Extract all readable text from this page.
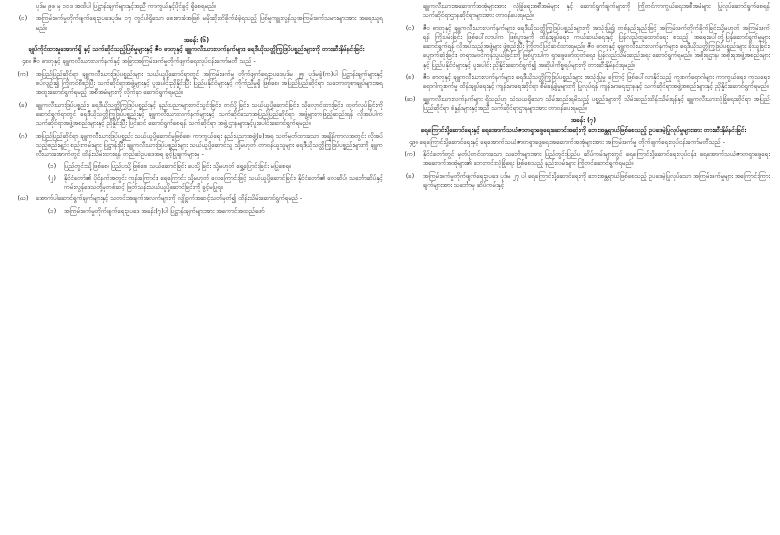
ပုဒ်မ ၉ဖ မှ ၁၀ဒ အထိပါ ပြဋ္ဌာန်းချက်များနှင့်အညီ ကာကွယ်နှင့်ပိုင်ခွင့် ရှိစေရမည်။
(င)	အကြမ်းဖက်မှုတိုက်ဖျက်ရေးဥပဒေပုဒ်မ ၁၇ တွင်ပါရှိသော စေးစားခံအဖြစ် မမိုးဆိုးထိခိုက်ခံခဲ့ရသည့် ပြစ်မှုကျူးလွန်သူအကြမ်းဖက်သမားများအား အရေးယူရမည်။
အခန်း (၆)
ချုပ်ကိုင်ထားမှုအောက်ရှိ နှင့် သက်ဆိုင်သည့်ပြစ်မှုများနှင့် ဇီဝ ဓာတုနှင့် ချူကလီးယားလက်နက်များ၊ ရေဒီယိုသတ္တိကြွဒြပ်ပစ္စည်းများကို တားဆီးနှိမ်နင်းခြင်း
၄၈။ ဇီဝ ဓာတုနှင့် ချူကလီးယားလက်နက်နှင့် အခြားအကြမ်းဖက်မှုတိုက်ဖျက်ရေးလုပ်ငန်းကော်မတီ သည် -
(က)	အပြည်ပြည်ဆိုင်ရာ ချူကလီးယားဒြပ်ပစ္စည်းများ သယ်ယူပို့ဆောင်ရာတွင် အကြမ်းဖက်မှု တိုက်ဖျက်ရေးဥပဒေပုဒ်မ ၂၅၊ ပုဒ်မခွဲ(က)ပါ ပြဋ္ဌာန်းချက်များနှင့်စပ်လျဉ်း၍ ကြိုတင်စီစဉ်ပြီး သက်ဆိုင်ရာအဖွဲ့များနှင့် ပူးပေါင်းညှိနှိုင်းပြီး ပြည်ပနိုင်ငံများနှင့် ကိုက်ညီမှုရှိ ဖြစ်စေ၊ အပြည်ပြည်ဆိုင်ရာ သဘောတူစာချုပ်များအရ အထူးဆောင်ရွက်ရမည့် အစီအမံများကို လိုက်နာ ဆောင်ရွက်ရမည်။
(ခ)	ချူကလီးယားဒြပ်ပစ္စည်း၊ ရေဒီယိုသတ္တိကြွဒြပ်ပစ္စည်းနှင့် နည်းပညာများတင်သွင်းခြင်း၊ တင်ပို့ခြင်း၊ သယ်ယူပို့ဆောင်ခြင်း၊ သိုလှောင်ထားခြင်း၊ ထုတ်လုပ်ခြင်းကိုဆောင်ရွက်ရာတွင် ရေဒီယိုသတ္တိကြွဒြပ်ပစ္စည်းနှင့် ချူကလီးယားလက်နက်များနှင့် သက်ဆိုင်သောအပြည်ပြည်ဆိုင်ရာ အဖွဲ့များကဖြည့်ဆည်းရန် လိုအပ်ပါက သက်ဆိုင်ရာအဖွဲ့အစည်းများနှင့် ညှိနှိုင်းပြီး ပြင်ဆင် ဆောင်ရွက်စေရန် သက်ဆိုင်ရာ အဖွဲ့ဌာနများနှင့်ပူးပေါင်းဆောင်ရွက်ရမည်။
(ဂ)	အပြည်ပြည်ဆိုင်ရာ ချူကလီးယားဒြပ်ပစ္စည်း သယ်ယူပို့ဆောင်မှုဖြစ်စေ၊ ကာကွယ်ရေး နည်းပညာအဖွဲ့(ခ)အရ သတ်မှတ်ထားသော အချိန်ကာလအတွင်း လိုအပ်သည့်စည်းမျဉ်း စည်းကမ်းများ ပြဋ္ဌာန်းပြီး ချူကလီးယားဒြပ်ပစ္စည်းများ သယ်ယူပို့ဆောင်သူ သို့မဟုတ် တာဝန်ယူသူများ ရေဒီယိုသတ္တိကြွဒြပ်ပစ္စည်းများကို ချူကလီးယားအောက်တွင် ထိန်းသိမ်းထားရန် တည်ဆဲဥပဒေအရ ခွင့်ပြုချက်များမှ -
(၁)	ပြည်တွင်းသို့ဖြစ်စေ၊ ပြည်ပသို့ဖြစ်စေ သယ်ဆောင်ခြင်း ပေးပို့ခြင်း သို့မဟုတ် ရွှေ့ပြောင်းခြင်း မပြုစေရ။
(၂)	နိုင်ငံတော်၏ ပိုင်နက်အတွင်း ကုန်းကြောင်း၊ ရေကြောင်း သို့မဟုတ် လေကြောင်းဖြင့် သယ်ယူပို့ဆောင်ခြင်း၊ နိုင်ငံတော်၏ လေဆိပ်၊ သင်္ဘောဆိပ်နှင့် ကမ်းလွန်ဒေသတို့မှတစ်ဆင့် ဖြတ်သန်းသယ်ယူပို့ဆောင်ခြင်းကို ခွင့်မပြုရ။
(ဃ)	အောက်ပါဆောင်ရွက်ချက်များနှင့် သတင်းအချက်အလက်များကို လျှို့ဝှက်အဆင့်သတ်မှတ်၍ ထိန်းသိမ်းဆောင်ရွက်ရမည် -
(၁)	အကြမ်းဖက်မှုတိုက်ဖျက်ရေးဥပဒေ အခန်း(၇)ပါ ပြဋ္ဌာန်းချက်များအား အကောင်အထည်ဖော်
ချူကလီးယားအဆောက်အအုံများအား လုံခြုံရေးအစီအမံများ နှင့် ဆောင်ရွက်ချက်များကို ကြိုတင်ကာကွယ်ရေးအစီအမံများ ပြုလုပ်ဆောင်ရွက်စေရန် သက်ဆိုင်ရာဌာနဆိုင်ရာများအား တာဝန်ပေးရမည်။
(င)	ဇီဝ ဓာတုနှင့် ချူကလီးယားလက်နက်များ၊ ရေဒီယိုသတ္တိကြွဒြပ်ပစ္စည်းများကို အသုံးပြု၍ တစ်နည်းနည်းဖြင့် အကြမ်းဖက်တိုက်ခိုက်ခြင်းသို့မဟုတ် အကြမ်းဖက်ရန် ကြိုးပမ်းခြင်း ဖြစ်ပေါ်လာပါက ဖြစ်ပွားမှုကို ထိန်းချုပ်ရေး၊ ကယ်ဆယ်ရေးနှင့် ပြန်လည်ထူထောင်ရေး စသည့် အရေးပေါ်တုံ့ပြန်ဆောင်ရွက်မှုများ ဆောင်ရွက်ရန် လိုအပ်သည့်အဖွဲ့များ ဖွဲ့စည်းပြီး ကြိုတင်ပြင်ဆင်ထားရမည်။ ဇီဝ ဓာတုနှင့် ချူကလီးယားလက်နက်များ၊ ရေဒီယိုသတ္တိကြွဒြပ်ပစ္စည်းများ ခိုးယူခြင်း၊ ပျောက်ဆုံးခြင်း၊ တရားမဝင်ကုန်သွယ်ခြင်းတို့ ဖြစ်ပွားပါက ရှာဖွေဖော်ထုတ်ရေး၊ ပြန်လည်သိမ်းဆည်းရေး ဆောင်ရွက်ရမည်။ အစိုးရဌာန၊ အစိုးရအဖွဲ့အစည်းများနှင့် ပြည်ပနိုင်ငံများနှင့် ပူးပေါင်း ညှိနှိုင်းဆောင်ရွက်၍ အဆိုပါကိစ္စရပ်များကို တားဆီးနှိမ်နင်းရမည်။
(စ)	ဇီဝ ဓာတုနှင့် ချူကလီးယားလက်နက်များ၊ ရေဒီယိုသတ္တိကြွဒြပ်ပစ္စည်းများ အသုံးပြုမှု ကြောင့် ဖြစ်ပေါ်လာနိုင်သည့် ကူးစက်ရောဂါများ ကာကွယ်ရေး၊ ကုသရေး၊ ရောဂါကူးစက်မှု ထိန်းချုပ်ရေးနှင့် ကျန်းမာရေးဆိုင်ရာ စီမံခန့်ခွဲမှုများကို ပြုလုပ်ရန် ကျန်းမာရေးဌာနနှင့် သက်ဆိုင်ရာအဖွဲ့အစည်းများနှင့် ညှိနှိုင်းဆောင်ရွက်ရမည်။
(ဆ)	ချူကလီးယားလက်နက်များ ရှိသည်ဟု သံသယရှိသော သိမ်းဆည်းရမိသည့် ပစ္စည်းများကို သိမ်းဆည်းထိန်းသိမ်းရန်နှင့် ချူကလီးယားလုံခြုံရေးဆိုင်ရာ အပြည်ပြည်ဆိုင်ရာ စံနှုန်းများနှင့်အညီ သက်ဆိုင်ရာဌာနများအား တာဝန်ပေးရမည်။
အခန်း (၇)
ရေကြောင်းပို့ဆောင်ရေးနှင့် ရေအောက်သယံဇာတရှာဖွေရေးဆောင်အဆုံးကို ဘေးအန္တရာယ်ဖြစ်စေသည့် ဥပဒေမဲ့ပြုလုပ်မှုများအား တားဆီးနှိမ်နင်းခြင်း
၄၉။ ရေကြောင်းပို့ဆောင်ရေးနှင့် ရေအောက်သယံဇာတရှာဖွေရေးအဆောက်အအုံများအား အကြမ်းဖက်မှု တိုက်ဖျက်ရေးလုပ်ငန်းကော်မတီသည် -
(က)	နိုင်ငံတော်တွင် မှတ်ပုံတင်ထားသော သင်္ဘောများအား ပြည်တွင်းပြည်ပ ဆိပ်ကမ်းများတွင် ရေကြောင်းပို့ဆောင်ရေးလုပ်ငန်း၊ ရေအောက်သယံဇာတရှာဖွေရေး အဆောက်အအုံများ၏ ဘေးကင်းလုံခြုံရေး ဖြစ်စေသည့် နည်းလမ်းများ ကြိုတင်ဆောင်ရွက်ရမည်။
(ခ)	အကြမ်းဖက်မှုတိုက်ဖျက်ရေးဥပဒေ ပုဒ်မ ၂၇ ပါ ရေကြောင်းပို့ဆောင်ရေးကို ဘေးအန္တရာယ်ဖြစ်စေသည့် ဥပဒေမဲ့ပြုလုပ်သော အကြမ်းဖက်မှုများ အကြောင်းကြားချက်များအား သင်္ဘောမှ ဆိပ်ကမ်းနှင့်
